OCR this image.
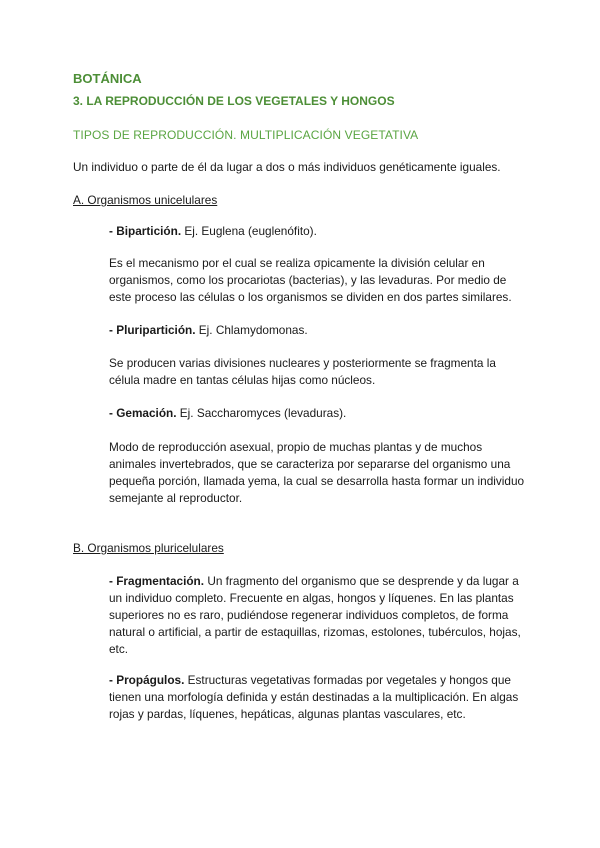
BOTÁNICA
3. LA REPRODUCCIÓN DE LOS VEGETALES Y HONGOS
TIPOS DE REPRODUCCIÓN. MULTIPLICACIÓN VEGETATIVA

Un individuo o parte de él da lugar a dos o más individuos genéticamente iguales.

A. Organismos unicelulares

- Bipartición. Ej. Euglena (euglenófito).

Es el mecanismo por el cual se realiza σpicamente la división celular en organismos, como los procariotas (bacterias), y las levaduras. Por medio de este proceso las células o los organismos se dividen en dos partes similares.

- Pluripartición. Ej. Chlamydomonas.

Se producen varias divisiones nucleares y posteriormente se fragmenta la célula madre en tantas células hijas como núcleos.

- Gemación. Ej. Saccharomyces (levaduras).

Modo de reproducción asexual, propio de muchas plantas y de muchos animales invertebrados, que se caracteriza por separarse del organismo una pequeña porción, llamada yema, la cual se desarrolla hasta formar un individuo semejante al reproductor.

B. Organismos pluricelulares

- Fragmentación. Un fragmento del organismo que se desprende y da lugar a un individuo completo. Frecuente en algas, hongos y líquenes. En las plantas superiores no es raro, pudiéndose regenerar individuos completos, de forma natural o artificial, a partir de estaquillas, rizomas, estolones, tubérculos, hojas, etc.

- Propágulos. Estructuras vegetativas formadas por vegetales y hongos que tienen una morfología definida y están destinadas a la multiplicación. En algas rojas y pardas, líquenes, hepáticas, algunas plantas vasculares, etc.
